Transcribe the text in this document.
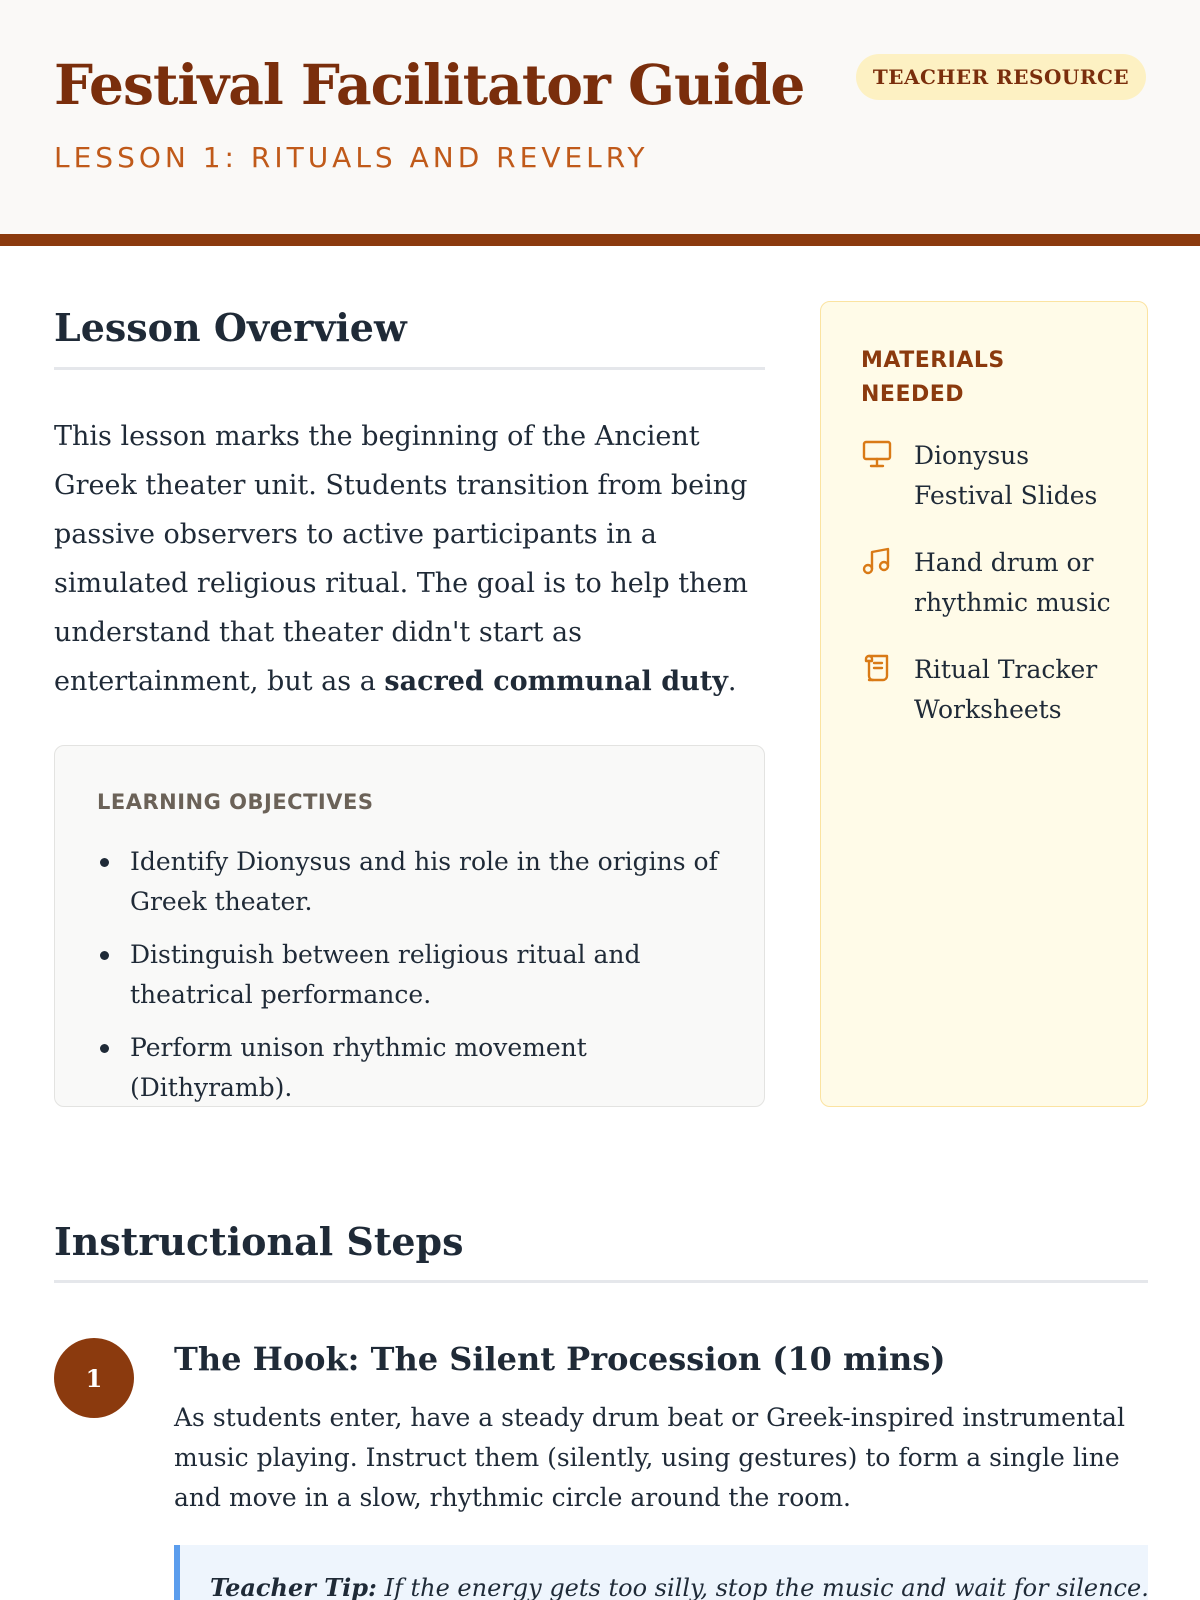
Festival Facilitator Guide
LESSON 1: RITUALS AND REVELRY
TEACHER RESOURCE
Lesson Overview

This lesson marks the beginning of the Ancient Greek theater unit. Students transition from being passive observers to active participants in a simulated religious ritual. The goal is to help them understand that theater didn't start as entertainment, but as a sacred communal duty.

LEARNING OBJECTIVES
Identify Dionysus and his role in the origins of Greek theater.
Distinguish between religious ritual and theatrical performance.
Perform unison rhythmic movement (Dithyramb).
MATERIALS NEEDED
Dionysus Festival Slides
Hand drum or rhythmic music
Ritual Tracker Worksheets
Instructional Steps
1	The Hook: The Silent Procession (10 mins)

As students enter, have a steady drum beat or Greek-inspired instrumental music playing. Instruct them (silently, using gestures) to form a single line and move in a slow, rhythmic circle around the room.

Teacher Tip: If the energy gets too silly, stop the music and wait for silence.
